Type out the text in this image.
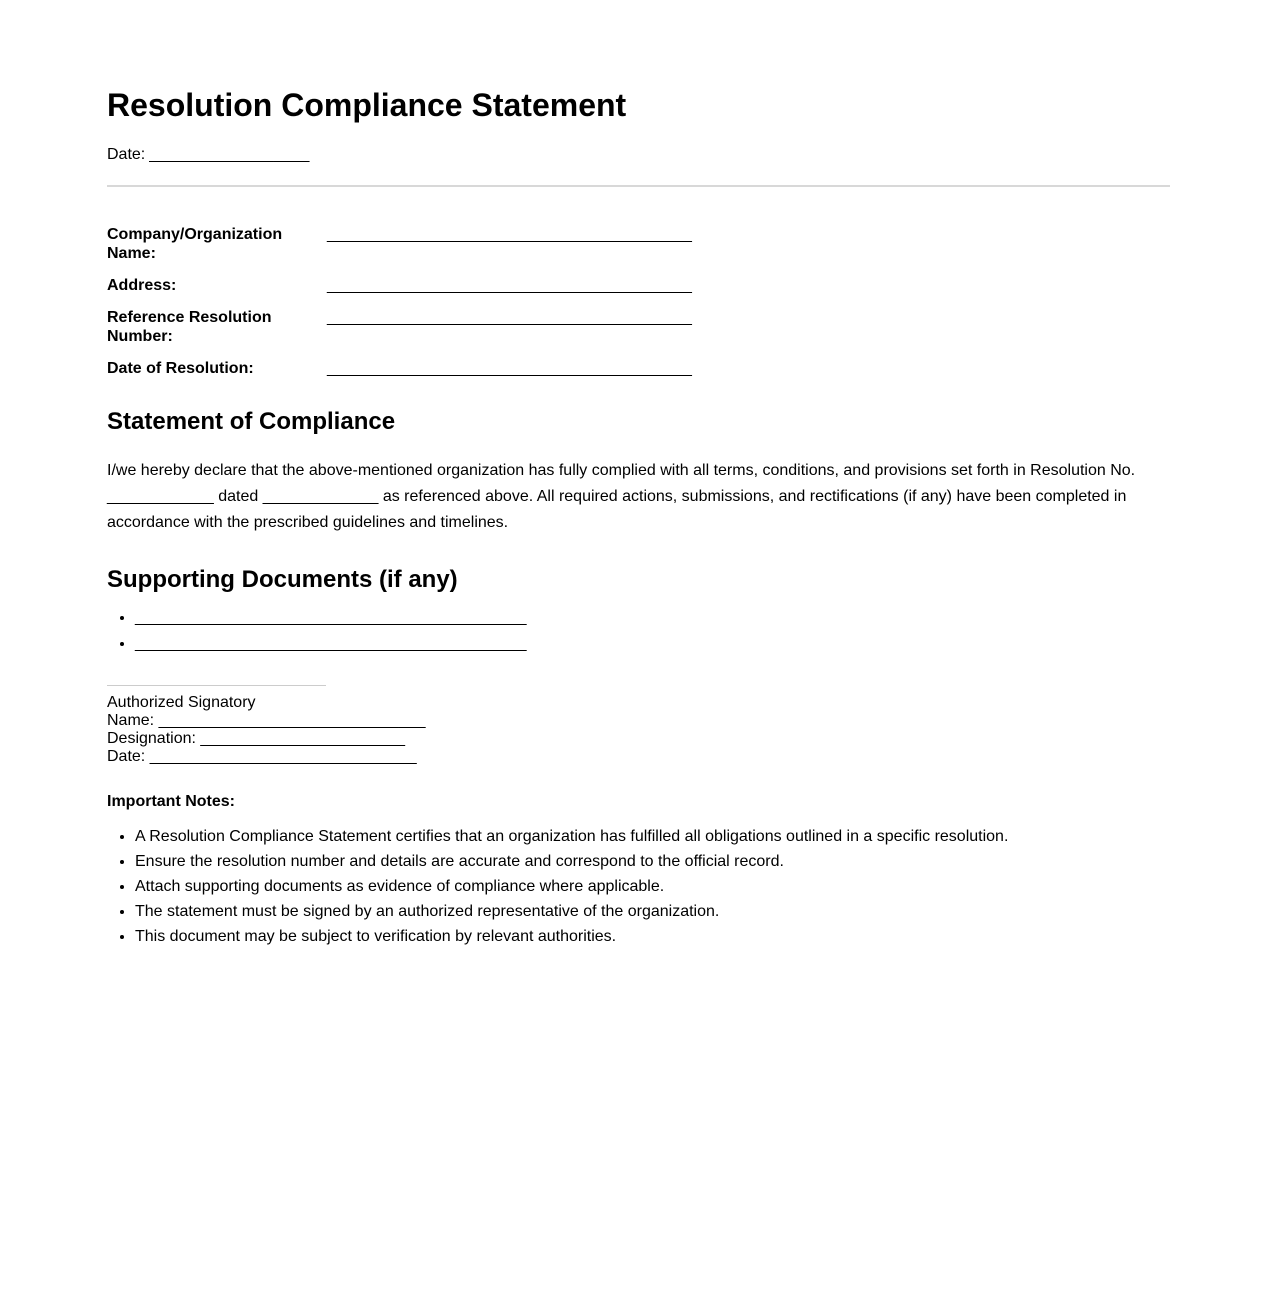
Resolution Compliance Statement

Date: __________________

Company/Organization Name:
_________________________________________
Address:	_________________________________________
Reference Resolution Number:
_________________________________________
Date of Resolution:	_________________________________________
Statement of Compliance

I/we hereby declare that the above-mentioned organization has fully complied with all terms, conditions, and provisions set forth in Resolution No. ____________ dated _____________ as referenced above. All required actions, submissions, and rectifications (if any) have been completed in accordance with the prescribed guidelines and timelines.

Supporting Documents (if any)
• ____________________________________________
• ____________________________________________
Authorized Signatory
Name: ______________________________
Designation: _______________________
Date: ______________________________

Important Notes:

• A Resolution Compliance Statement certifies that an organization has fulfilled all obligations outlined in a specific resolution.
• Ensure the resolution number and details are accurate and correspond to the official record.
• Attach supporting documents as evidence of compliance where applicable.
• The statement must be signed by an authorized representative of the organization.
• This document may be subject to verification by relevant authorities.
